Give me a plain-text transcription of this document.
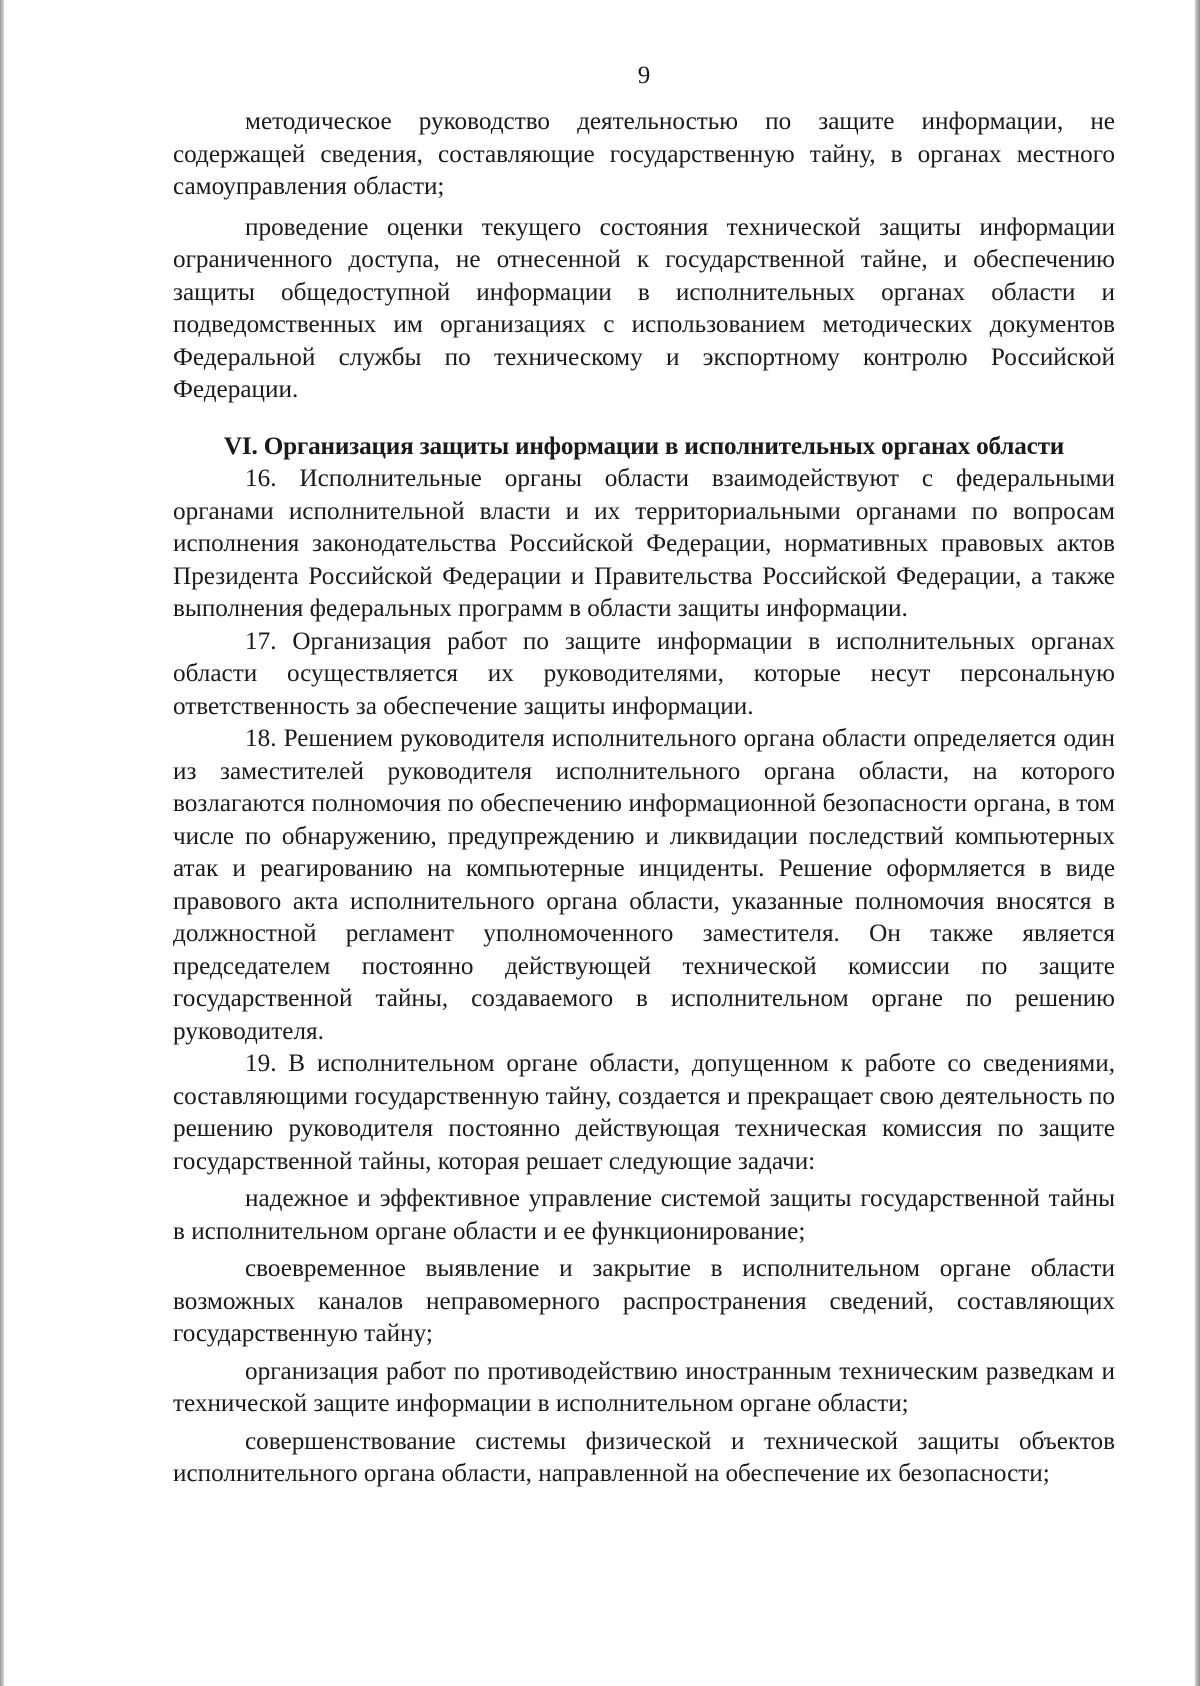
9

методическое руководство деятельностью по защите информации, не содержащей сведения, составляющие государственную тайну, в органах местного самоуправления области;

проведение оценки текущего состояния технической защиты информации ограниченного доступа, не отнесенной к государственной тайне, и обеспечению защиты общедоступной информации в исполнительных органах области и подведомственных им организациях с использованием методических документов Федеральной службы по техническому и экспортному контролю Российской Федерации.

VI. Организация защиты информации в исполнительных органах области

16. Исполнительные органы области взаимодействуют с федеральными органами исполнительной власти и их территориальными органами по вопросам исполнения законодательства Российской Федерации, нормативных правовых актов Президента Российской Федерации и Правительства Российской Федерации, а также выполнения федеральных программ в области защиты информации.

17. Организация работ по защите информации в исполнительных органах области осуществляется их руководителями, которые несут персональную ответственность за обеспечение защиты информации.

18. Решением руководителя исполнительного органа области определяется один из заместителей руководителя исполнительного органа области, на которого возлагаются полномочия по обеспечению информационной безопасности органа, в том числе по обнаружению, предупреждению и ликвидации последствий компьютерных атак и реагированию на компьютерные инциденты. Решение оформляется в виде правового акта исполнительного органа области, указанные полномочия вносятся в должностной регламент уполномоченного заместителя. Он также является председателем постоянно действующей технической комиссии по защите государственной тайны, создаваемого в исполнительном органе по решению руководителя.

19. В исполнительном органе области, допущенном к работе со сведениями, составляющими государственную тайну, создается и прекращает свою деятельность по решению руководителя постоянно действующая техническая комиссия по защите государственной тайны, которая решает следующие задачи:

надежное и эффективное управление системой защиты государственной тайны в исполнительном органе области и ее функционирование;

своевременное выявление и закрытие в исполнительном органе области возможных каналов неправомерного распространения сведений, составляющих государственную тайну;

организация работ по противодействию иностранным техническим разведкам и технической защите информации в исполнительном органе области;

совершенствование системы физической и технической защиты объектов исполнительного органа области, направленной на обеспечение их безопасности;
